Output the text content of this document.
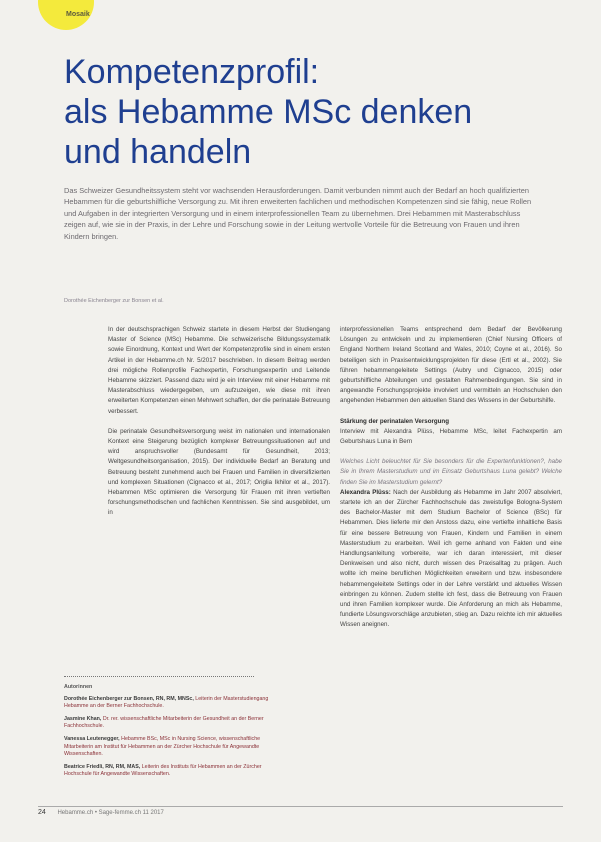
Mosaik
Kompetenzprofil:
als Hebamme MSc denken
und handeln

Das Schweizer Gesundheitssystem steht vor wachsenden Herausforderungen. Damit verbunden nimmt auch der Bedarf an hoch qualifizierten Hebammen für die geburtshilfliche Versorgung zu. Mit ihren erweiterten fachlichen und methodischen Kompetenzen sind sie fähig, neue Rollen und Aufgaben in der integrierten Versorgung und in einem interprofessionellen Team zu übernehmen. Drei Hebammen mit Masterabschluss zeigen auf, wie sie in der Praxis, in der Lehre und Forschung sowie in der Leitung wertvolle Vorteile für die Betreuung von Frauen und ihren Kindern bringen.

Dorothée Eichenberger zur Bonsen et al.

In der deutschsprachigen Schweiz startete in diesem Herbst der Studiengang Master of Science (MSc) Hebamme. Die schweizerische Bildungssystematik sowie Einordnung, Kontext und Wert der Kompetenzprofile sind in einem ersten Artikel in der Hebamme.ch Nr. 5/2017 beschrieben. In diesem Beitrag werden drei mögliche Rollenprofile Fachexpertin, Forschungsexpertin und Leitende Hebamme skizziert. Passend dazu wird je ein Interview mit einer Hebamme mit Masterabschluss wiedergegeben, um aufzuzeigen, wie diese mit ihren erweiterten Kompetenzen einen Mehrwert schaffen, der die perinatale Betreuung verbessert.

Die perinatale Gesundheitsversorgung weist im nationalen und internationalen Kontext eine Steigerung bezüglich komplexer Betreuungssituationen auf und wird anspruchsvoller (Bundesamt für Gesundheit, 2013; Weltgesundheitsorganisation, 2015). Der individuelle Bedarf an Beratung und Betreuung besteht zunehmend auch bei Frauen und Familien in diversifizierten und komplexen Situationen (Cignacco et al., 2017; Origlia Ikhilor et al., 2017). Hebammen MSc optimieren die Versorgung für Frauen mit ihren vertieften forschungsmethodischen und fachlichen Kenntnissen. Sie sind ausgebildet, um in

interprofessionellen Teams entsprechend dem Bedarf der Bevölkerung Lösungen zu entwickeln und zu implementieren (Chief Nursing Officers of England Northern Ireland Scotland and Wales, 2010; Coyne et al., 2016). So beteiligen sich in Praxisentwicklungsprojekten für diese (Ertl et al., 2002). Sie führen hebammengeleitete Settings (Aubry und Cignacco, 2015) oder geburtshilfliche Abteilungen und gestalten Rahmenbedingungen. Sie sind in angewandte Forschungsprojekte involviert und vermitteln an Hochschulen den angehenden Hebammen den aktuellen Stand des Wissens in der Geburtshilfe.

Stärkung der perinatalen Versorgung

Interview mit Alexandra Plüss, Hebamme MSc, leitet Fachexpertin am Geburtshaus Luna in Bern

Welches Licht beleuchtet für Sie besonders für die Expertenfunktionen?, habe Sie in Ihrem Masterstudium und im Einsatz Geburtshaus Luna gelebt? Welche finden Sie im Masterstudium gelernt?

Alexandra Plüss: Nach der Ausbildung als Hebamme im Jahr 2007 absolviert, startete ich an der Zürcher Fachhochschule das zweistufige Bologna-System des Bachelor-Master mit dem Studium Bachelor of Science (BSc) für Hebammen. Dies lieferte mir den Anstoss dazu, eine vertiefte inhaltliche Basis für eine bessere Betreuung von Frauen, Kindern und Familien in einem Masterstudium zu erarbeiten. Weil ich gerne anhand von Fakten und eine Handlungsanleitung vorbereite, war ich daran interessiert, mit dieser Denkweisen und also nicht, durch wissen des Praxisalltag zu prägen. Auch wollte ich meine beruflichen Möglichkeiten erweitern und bzw. insbesondere hebammengeleitete Settings oder in der Lehre verstärkt und aktuelles Wissen einbringen zu können. Zudem stellte ich fest, dass die Betreuung von Frauen und ihren Familien komplexer wurde. Die Anforderung an mich als Hebamme, fundierte Lösungsvorschläge anzubieten, stieg an. Dazu reichte ich mir aktuelles Wissen aneignen.

Autorinnen

Dorothée Eichenberger zur Bonsen, RN, RM, MNSc, Leiterin der Masterstudiengang Hebamme an der Berner Fachhochschule.

Jasmine Khan, Dr. rer. wissenschaftliche Mitarbeiterin der Gesundheit an der Berner Fachhochschule.

Vanessa Leutenegger, Hebamme BSc, MSc in Nursing Science, wissenschaftliche Mitarbeiterin am Institut für Hebammen an der Zürcher Hochschule für Angewandte Wissenschaften.

Beatrice Friedli, RN, RM, MAS, Leiterin des Instituts für Hebammen an der Zürcher Hochschule für Angewandte Wissenschaften.

24 Hebamme.ch • Sage-femme.ch 11 2017
